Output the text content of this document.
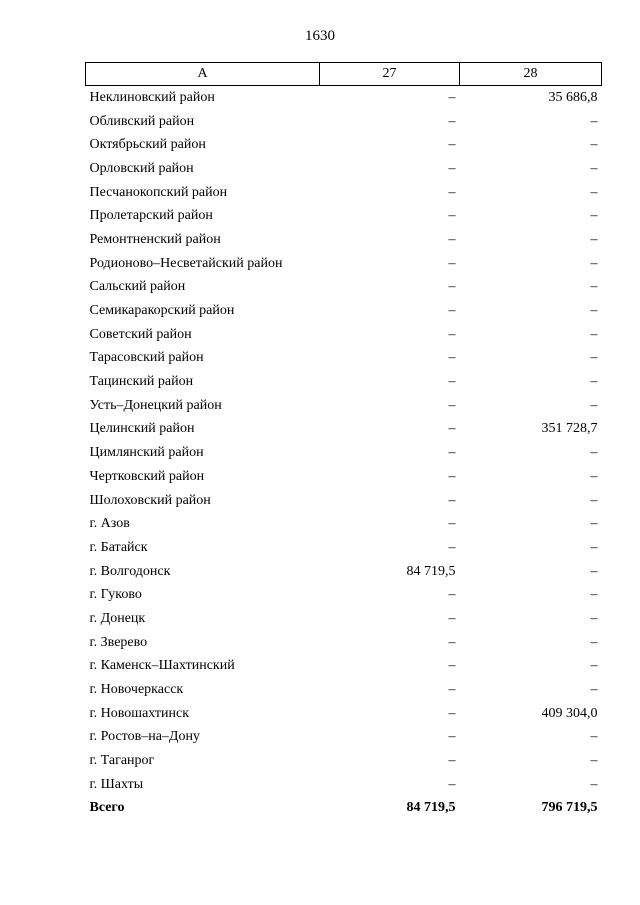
1630
А	27	28
Неклиновский район	–	35 686,8
Обливский район	–	–
Октябрьский район	–	–
Орловский район	–	–
Песчанокопский район	–	–
Пролетарский район	–	–
Ремонтненский район	–	–
Родионово–Несветайский район	–	–
Сальский район	–	–
Семикаракорский район	–	–
Советский район	–	–
Тарасовский район	–	–
Тацинский район	–	–
Усть–Донецкий район	–	–
Целинский район	–	351 728,7
Цимлянский район	–	–
Чертковский район	–	–
Шолоховский район	–	–
г. Азов	–	–
г. Батайск	–	–
г. Волгодонск	84 719,5	–
г. Гуково	–	–
г. Донецк	–	–
г. Зверево	–	–
г. Каменск–Шахтинский	–	–
г. Новочеркасск	–	–
г. Новошахтинск	–	409 304,0
г. Ростов–на–Дону	–	–
г. Таганрог	–	–
г. Шахты	–	–
Всего	84 719,5	796 719,5
